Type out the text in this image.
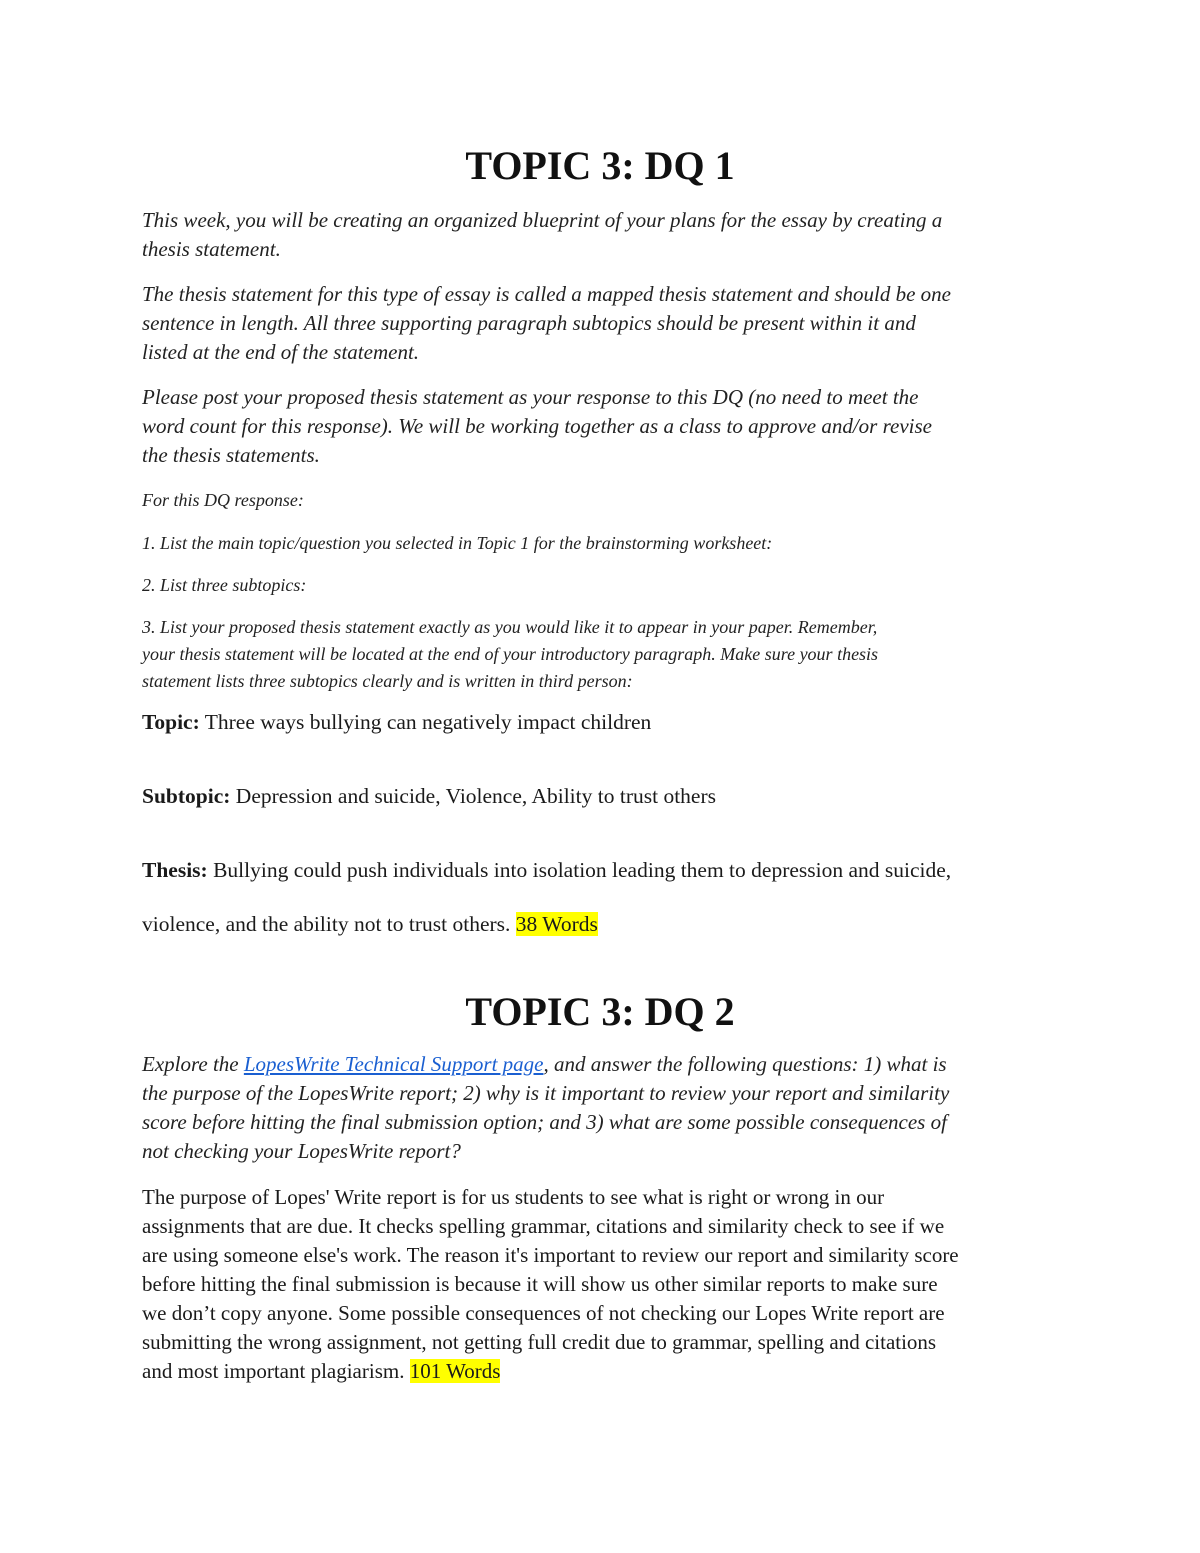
TOPIC 3: DQ 1
This week, you will be creating an organized blueprint of your plans for the essay by creating a
thesis statement.
The thesis statement for this type of essay is called a mapped thesis statement and should be one
sentence in length. All three supporting paragraph subtopics should be present within it and
listed at the end of the statement.
Please post your proposed thesis statement as your response to this DQ (no need to meet the
word count for this response). We will be working together as a class to approve and/or revise
the thesis statements.
For this DQ response:
1. List the main topic/question you selected in Topic 1 for the brainstorming worksheet:
2. List three subtopics:
3. List your proposed thesis statement exactly as you would like it to appear in your paper. Remember,
your thesis statement will be located at the end of your introductory paragraph. Make sure your thesis
statement lists three subtopics clearly and is written in third person:
Topic: Three ways bullying can negatively impact children
Subtopic: Depression and suicide, Violence, Ability to trust others
Thesis: Bullying could push individuals into isolation leading them to depression and suicide,
violence, and the ability not to trust others. 38 Words
TOPIC 3: DQ 2
Explore the LopesWrite Technical Support page, and answer the following questions: 1) what is
the purpose of the LopesWrite report; 2) why is it important to review your report and similarity
score before hitting the final submission option; and 3) what are some possible consequences of
not checking your LopesWrite report?
The purpose of Lopes' Write report is for us students to see what is right or wrong in our
assignments that are due. It checks spelling grammar, citations and similarity check to see if we
are using someone else's work. The reason it's important to review our report and similarity score
before hitting the final submission is because it will show us other similar reports to make sure
we don’t copy anyone. Some possible consequences of not checking our Lopes Write report are
submitting the wrong assignment, not getting full credit due to grammar, spelling and citations
and most important plagiarism. 101 Words
